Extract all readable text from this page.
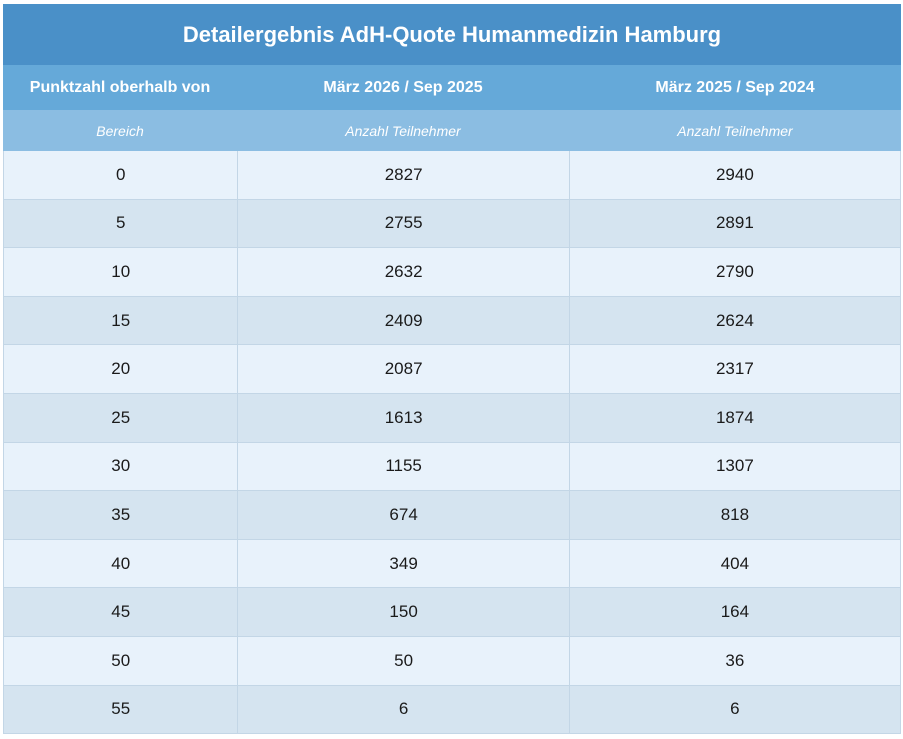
Detailergebnis AdH-Quote Humanmedizin Hamburg
Punktzahl oberhalb von	März 2026 / Sep 2025	März 2025 / Sep 2024
Bereich	Anzahl Teilnehmer	Anzahl Teilnehmer
0	2827	2940
5	2755	2891
10	2632	2790
15	2409	2624
20	2087	2317
25	1613	1874
30	1155	1307
35	674	818
40	349	404
45	150	164
50	50	36
55	6	6
